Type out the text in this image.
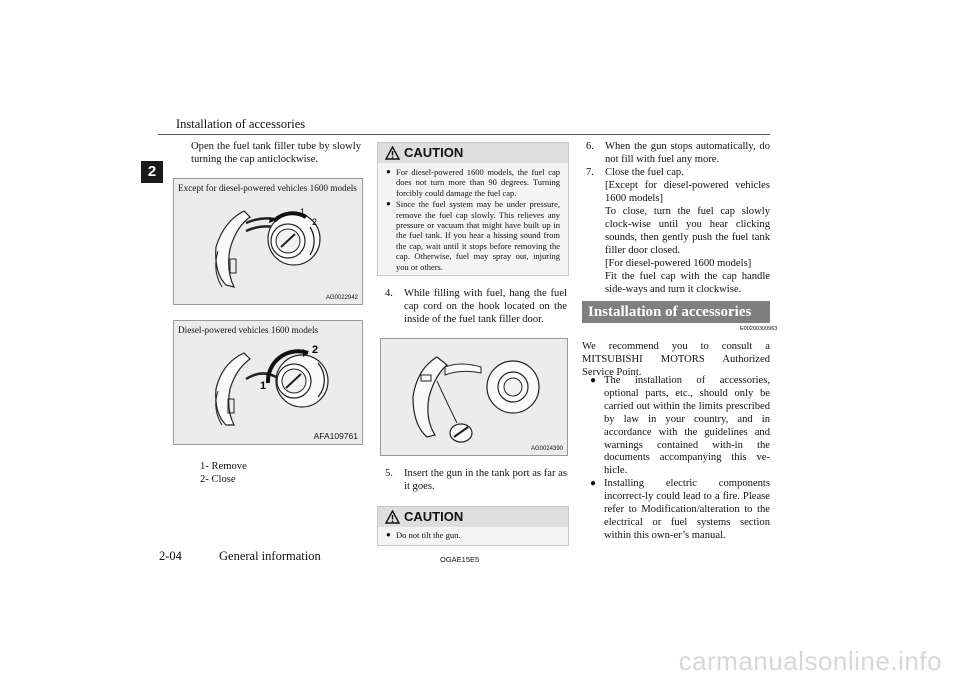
Installation of accessories
2
Open the fuel tank filler tube by slowly turning the cap anticlockwise.
Except for diesel-powered vehicles 1600 models
1
2
AG0022942
Diesel-powered vehicles 1600 models
2
1
AFA109761
1- Remove
2- Close
CAUTION
● For diesel-powered 1600 models, the fuel cap does not turn more than 90 degrees. Turning forcibly could damage the fuel cap.
● Since the fuel system may be under pressure, remove the fuel cap slowly. This relieves any pressure or vacuum that might have built up in the fuel tank. If you hear a hissing sound from the cap, wait until it stops before removing the cap. Otherwise, fuel may spray out, injuring you or others.
4. While filling with fuel, hang the fuel cap cord on the hook located on the inside of the fuel tank filler door.
AG0024390
5. Insert the gun in the tank port as far as it goes.
CAUTION
● Do not tilt the gun.
6. When the gun stops automatically, do not fill with fuel any more.
7. Close the fuel cap.
[Except for diesel-powered vehicles 1600 models]
To close, turn the fuel cap slowly clock-wise until you hear clicking sounds, then gently push the fuel tank filler door closed.
[For diesel-powered 1600 models]
Fit the fuel cap with the cap handle side-ways and turn it clockwise.
Installation of accessories
E00200300963
We recommend you to consult a MITSUBISHI MOTORS Authorized Service Point.
● The installation of accessories, optional parts, etc., should only be carried out within the limits prescribed by law in your country, and in accordance with the guidelines and warnings contained with-in the documents accompanying this ve-hicle.
● Installing electric components incorrect-ly could lead to a fire. Please refer to Modification/alteration to the electrical or fuel systems section within this own-er’s manual.
2-04	General information	OGAE15E5
carmanualsonline.info
